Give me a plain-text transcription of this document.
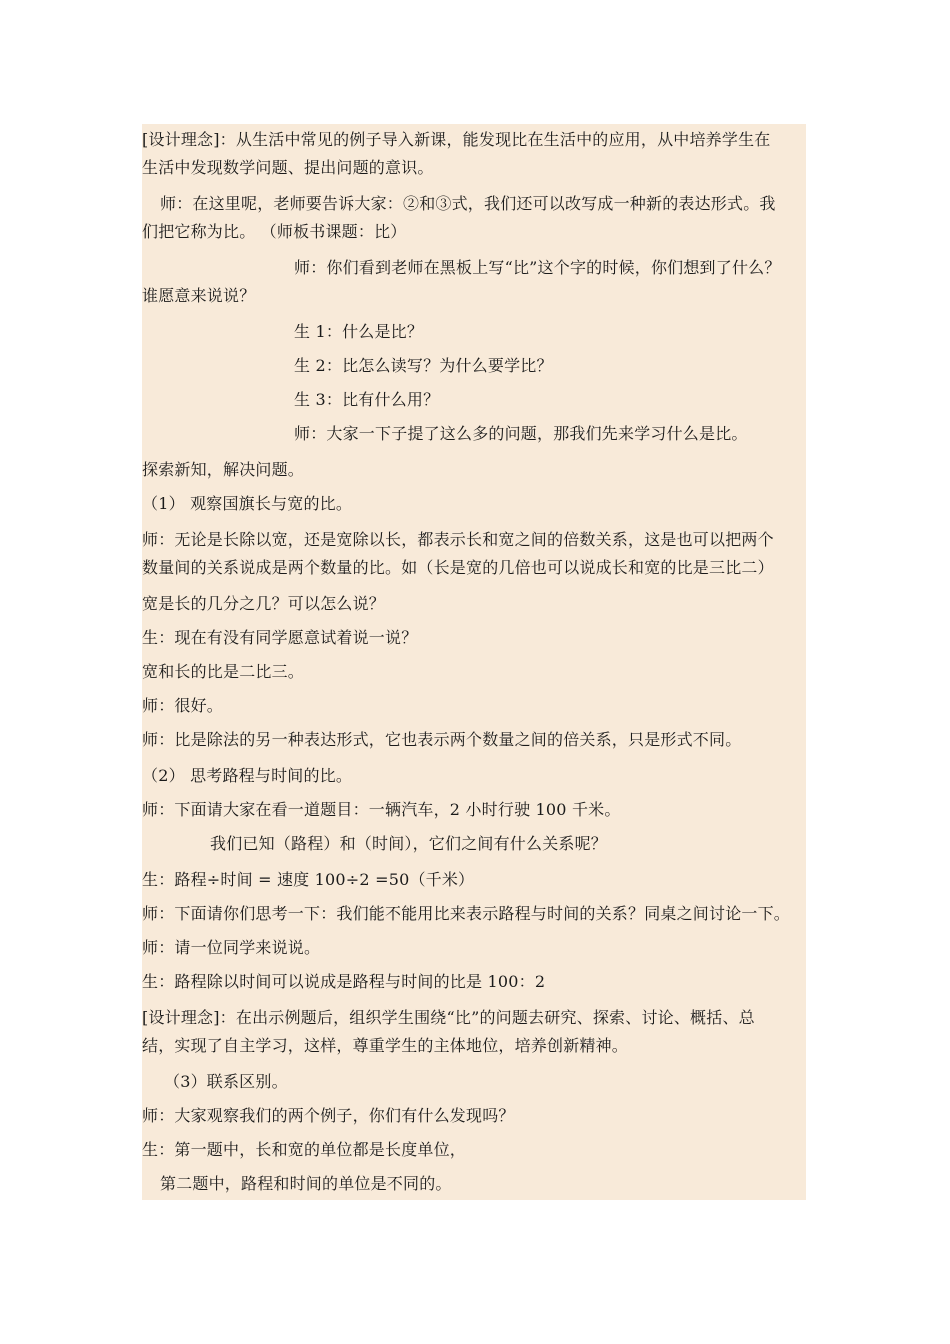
[设计理念]：从生活中常见的例子导入新课，能发现比在生活中的应用，从中培养学生在
生活中发现数学问题、提出问题的意识。
师：在这里呢，老师要告诉大家：②和③式，我们还可以改写成一种新的表达形式。我
们把它称为比。 （师板书课题：比）
师：你们看到老师在黑板上写“比”这个字的时候，你们想到了什么？
谁愿意来说说？
生 1：什么是比？
生 2：比怎么读写？为什么要学比？
生 3：比有什么用？
师：大家一下子提了这么多的问题，那我们先来学习什么是比。
探索新知，解决问题。
（1） 观察国旗长与宽的比。
师：无论是长除以宽，还是宽除以长，都表示长和宽之间的倍数关系，这是也可以把两个
数量间的关系说成是两个数量的比。如（长是宽的几倍也可以说成长和宽的比是三比二）
宽是长的几分之几？可以怎么说？
生：现在有没有同学愿意试着说一说？
宽和长的比是二比三。
师：很好。
师：比是除法的另一种表达形式，它也表示两个数量之间的倍关系，只是形式不同。
（2） 思考路程与时间的比。
师：下面请大家在看一道题目：一辆汽车，2 小时行驶 100 千米。
我们已知（路程）和（时间），它们之间有什么关系呢？
生：路程÷时间 = 速度 100÷2 =50（千米）
师：下面请你们思考一下：我们能不能用比来表示路程与时间的关系？同桌之间讨论一下。
师：请一位同学来说说。
生：路程除以时间可以说成是路程与时间的比是 100：2
[设计理念]：在出示例题后，组织学生围绕“比”的问题去研究、探索、讨论、概括、总
结，实现了自主学习，这样，尊重学生的主体地位，培养创新精神。
（3）联系区别。
师：大家观察我们的两个例子，你们有什么发现吗？
生：第一题中，长和宽的单位都是长度单位，
第二题中，路程和时间的单位是不同的。
